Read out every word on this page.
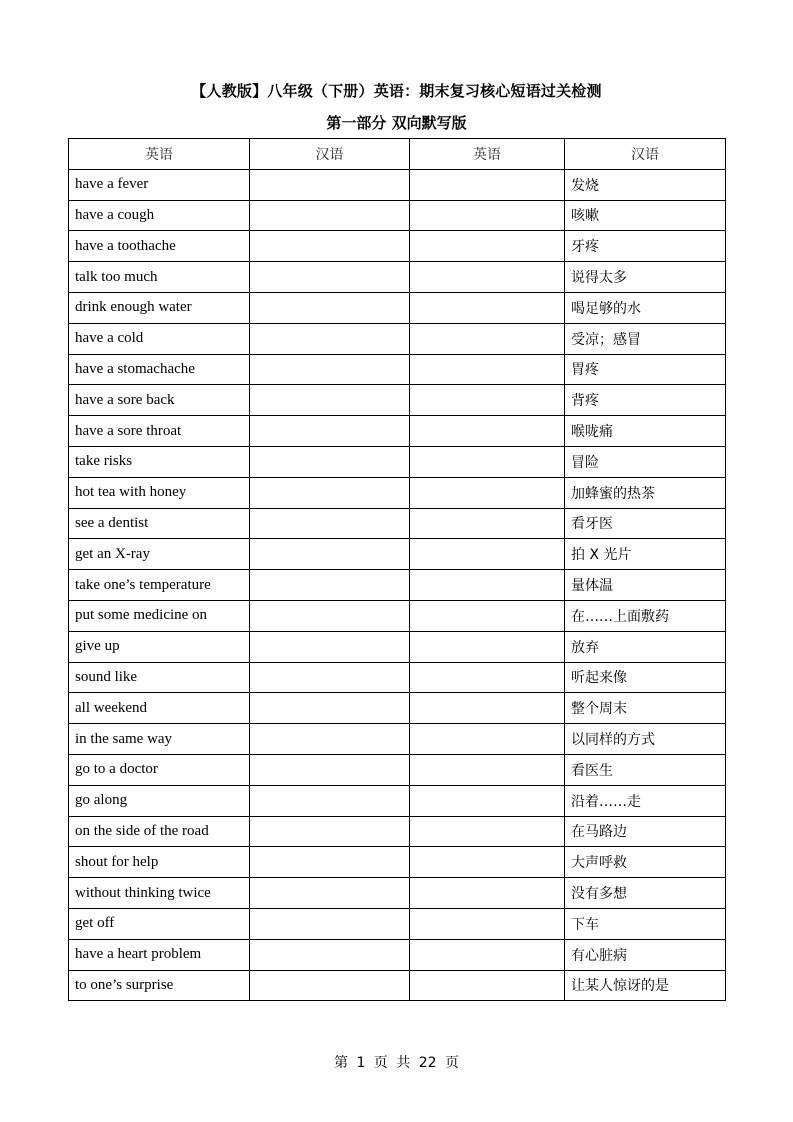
【人教版】八年级（下册）英语：期末复习核心短语过关检测
第一部分 双向默写版
英语	汉语	英语	汉语
have a fever			发烧
have a cough			咳嗽
have a toothache			牙疼
talk too much			说得太多
drink enough water			喝足够的水
have a cold			受凉；感冒
have a stomachache			胃疼
have a sore back			背疼
have a sore throat			喉咙痛
take risks			冒险
hot tea with honey			加蜂蜜的热茶
see a dentist			看牙医
get an X-ray			拍 X 光片
take one’s temperature			量体温
put some medicine on			在……上面敷药
give up			放弃
sound like			听起来像
all weekend			整个周末
in the same way			以同样的方式
go to a doctor			看医生
go along			沿着……走
on the side of the road			在马路边
shout for help			大声呼救
without thinking twice			没有多想
get off			下车
have a heart problem			有心脏病
to one’s surprise			让某人惊讶的是
第 1 页 共 22 页
